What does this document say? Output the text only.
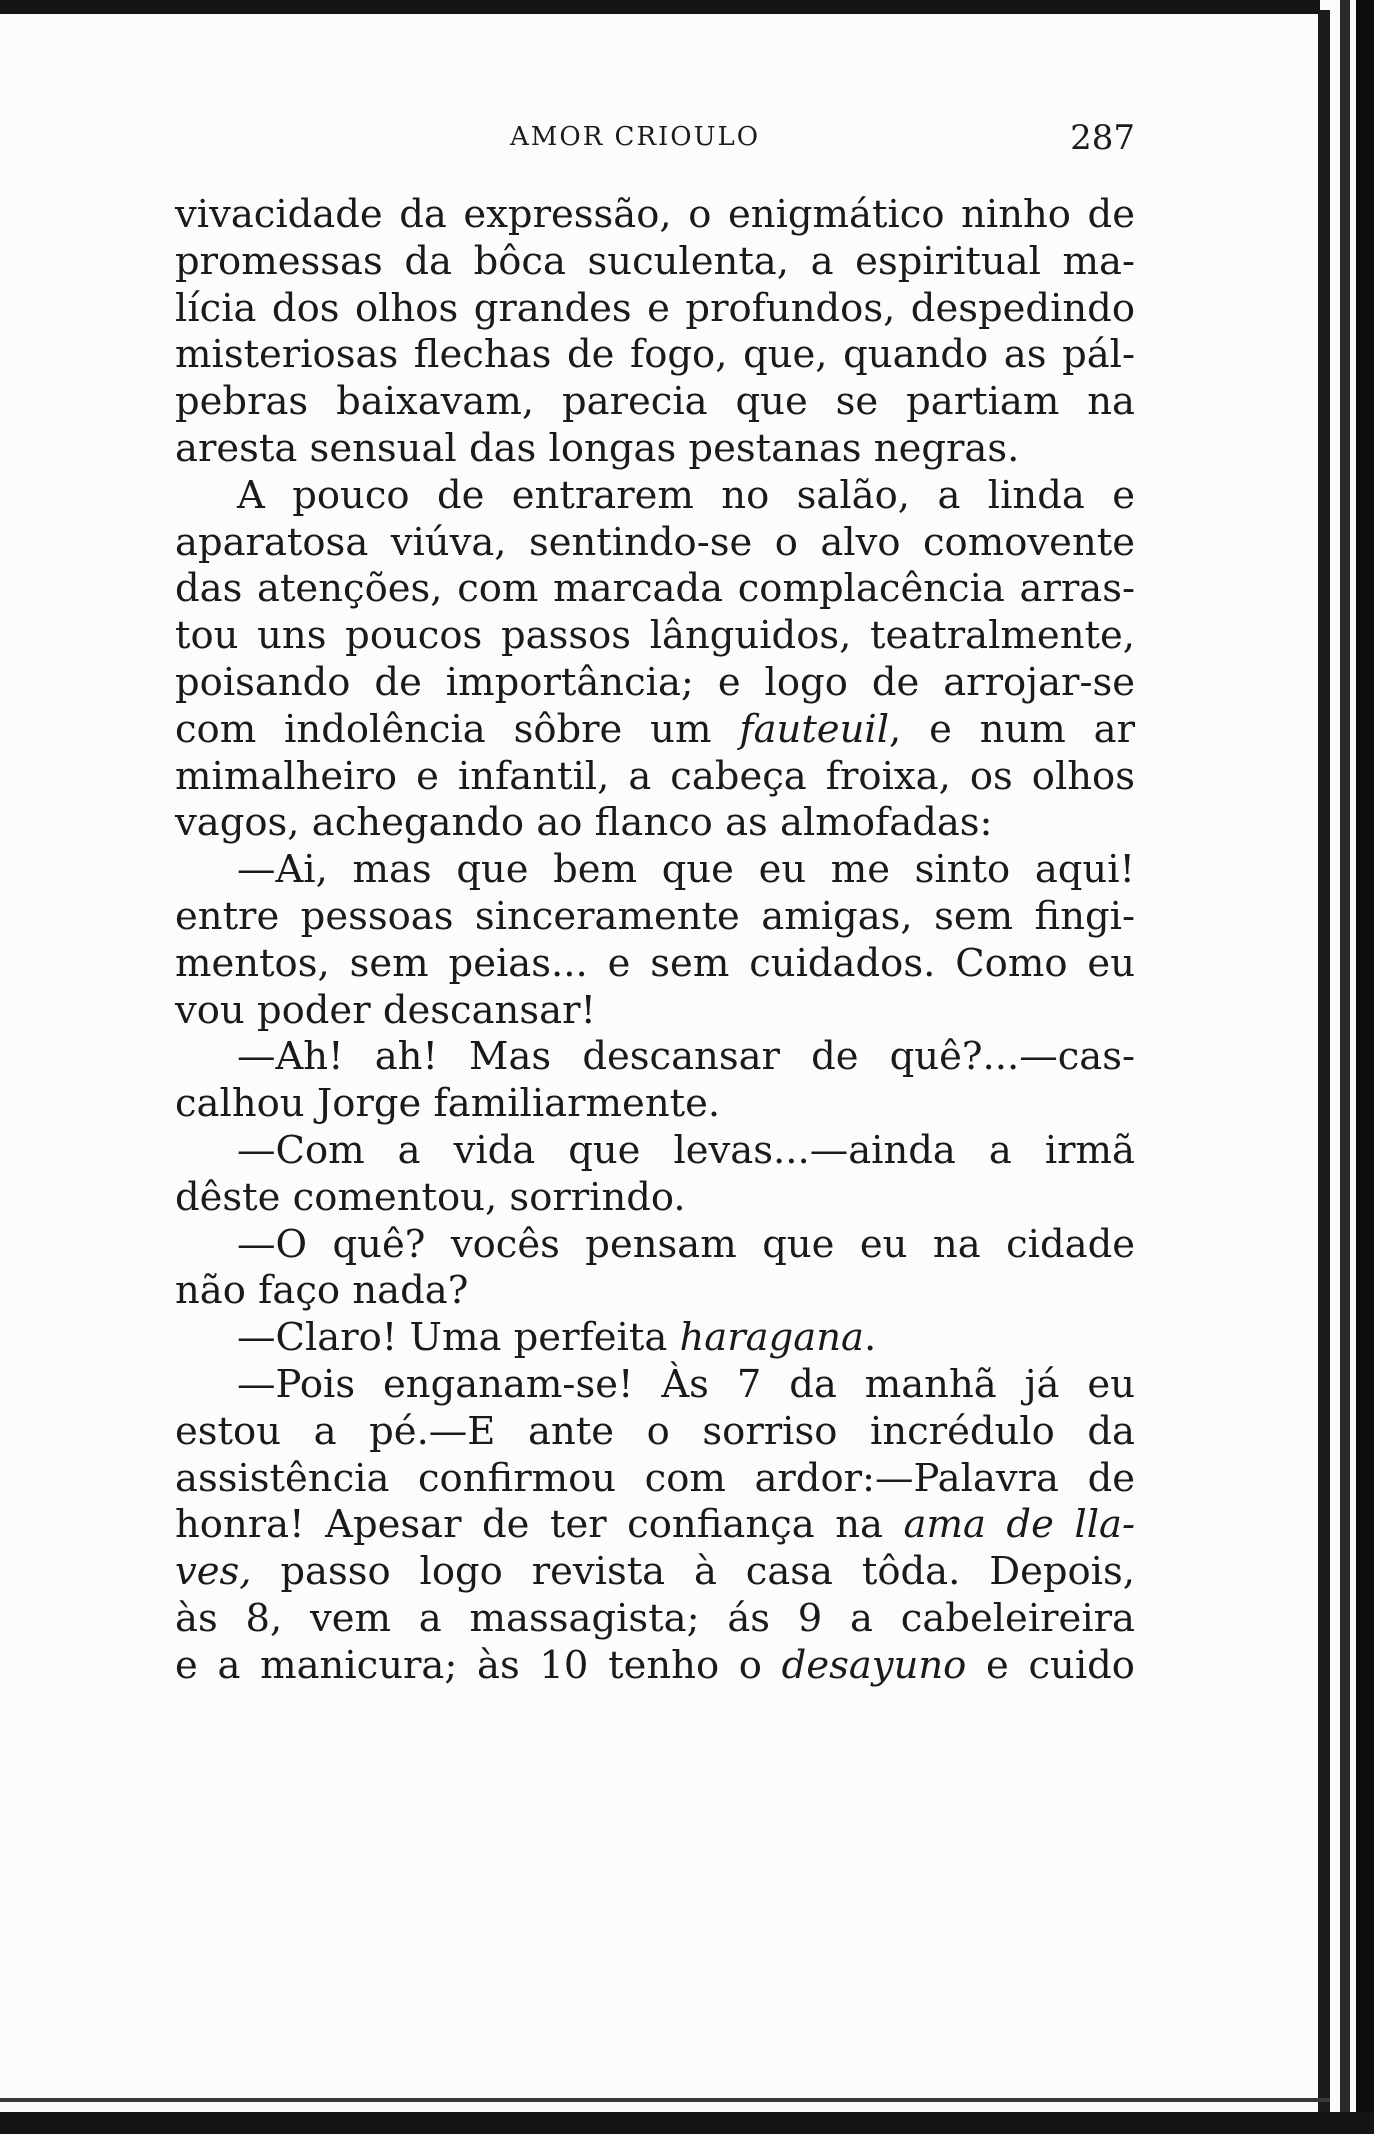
AMOR CRIOULO	287
vivacidade da expressão, o enigmático ninho de
promessas da bôca suculenta, a espiritual ma-
lícia dos olhos grandes e profundos, despedindo
misteriosas flechas de fogo, que, quando as pál-
pebras baixavam, parecia que se partiam na
aresta sensual das longas pestanas negras.
A pouco de entrarem no salão, a linda e
aparatosa viúva, sentindo-se o alvo comovente
das atenções, com marcada complacência arras-
tou uns poucos passos lânguidos, teatralmente,
poisando de importância; e logo de arrojar-se
com indolência sôbre um fauteuil, e num ar
mimalheiro e infantil, a cabeça froixa, os olhos
vagos, achegando ao flanco as almofadas:
—Ai, mas que bem que eu me sinto aqui!
entre pessoas sinceramente amigas, sem fingi-
mentos, sem peias... e sem cuidados. Como eu
vou poder descansar!
—Ah! ah! Mas descansar de quê?...—cas-
calhou Jorge familiarmente.
—Com a vida que levas...—ainda a irmã
dêste comentou, sorrindo.
—O quê? vocês pensam que eu na cidade
não faço nada?
—Claro! Uma perfeita haragana.
—Pois enganam-se! Às 7 da manhã já eu
estou a pé.—E ante o sorriso incrédulo da
assistência confirmou com ardor:—Palavra de
honra! Apesar de ter confiança na ama de lla-
ves, passo logo revista à casa tôda. Depois,
às 8, vem a massagista; ás 9 a cabeleireira
e a manicura; às 10 tenho o desayuno e cuido
